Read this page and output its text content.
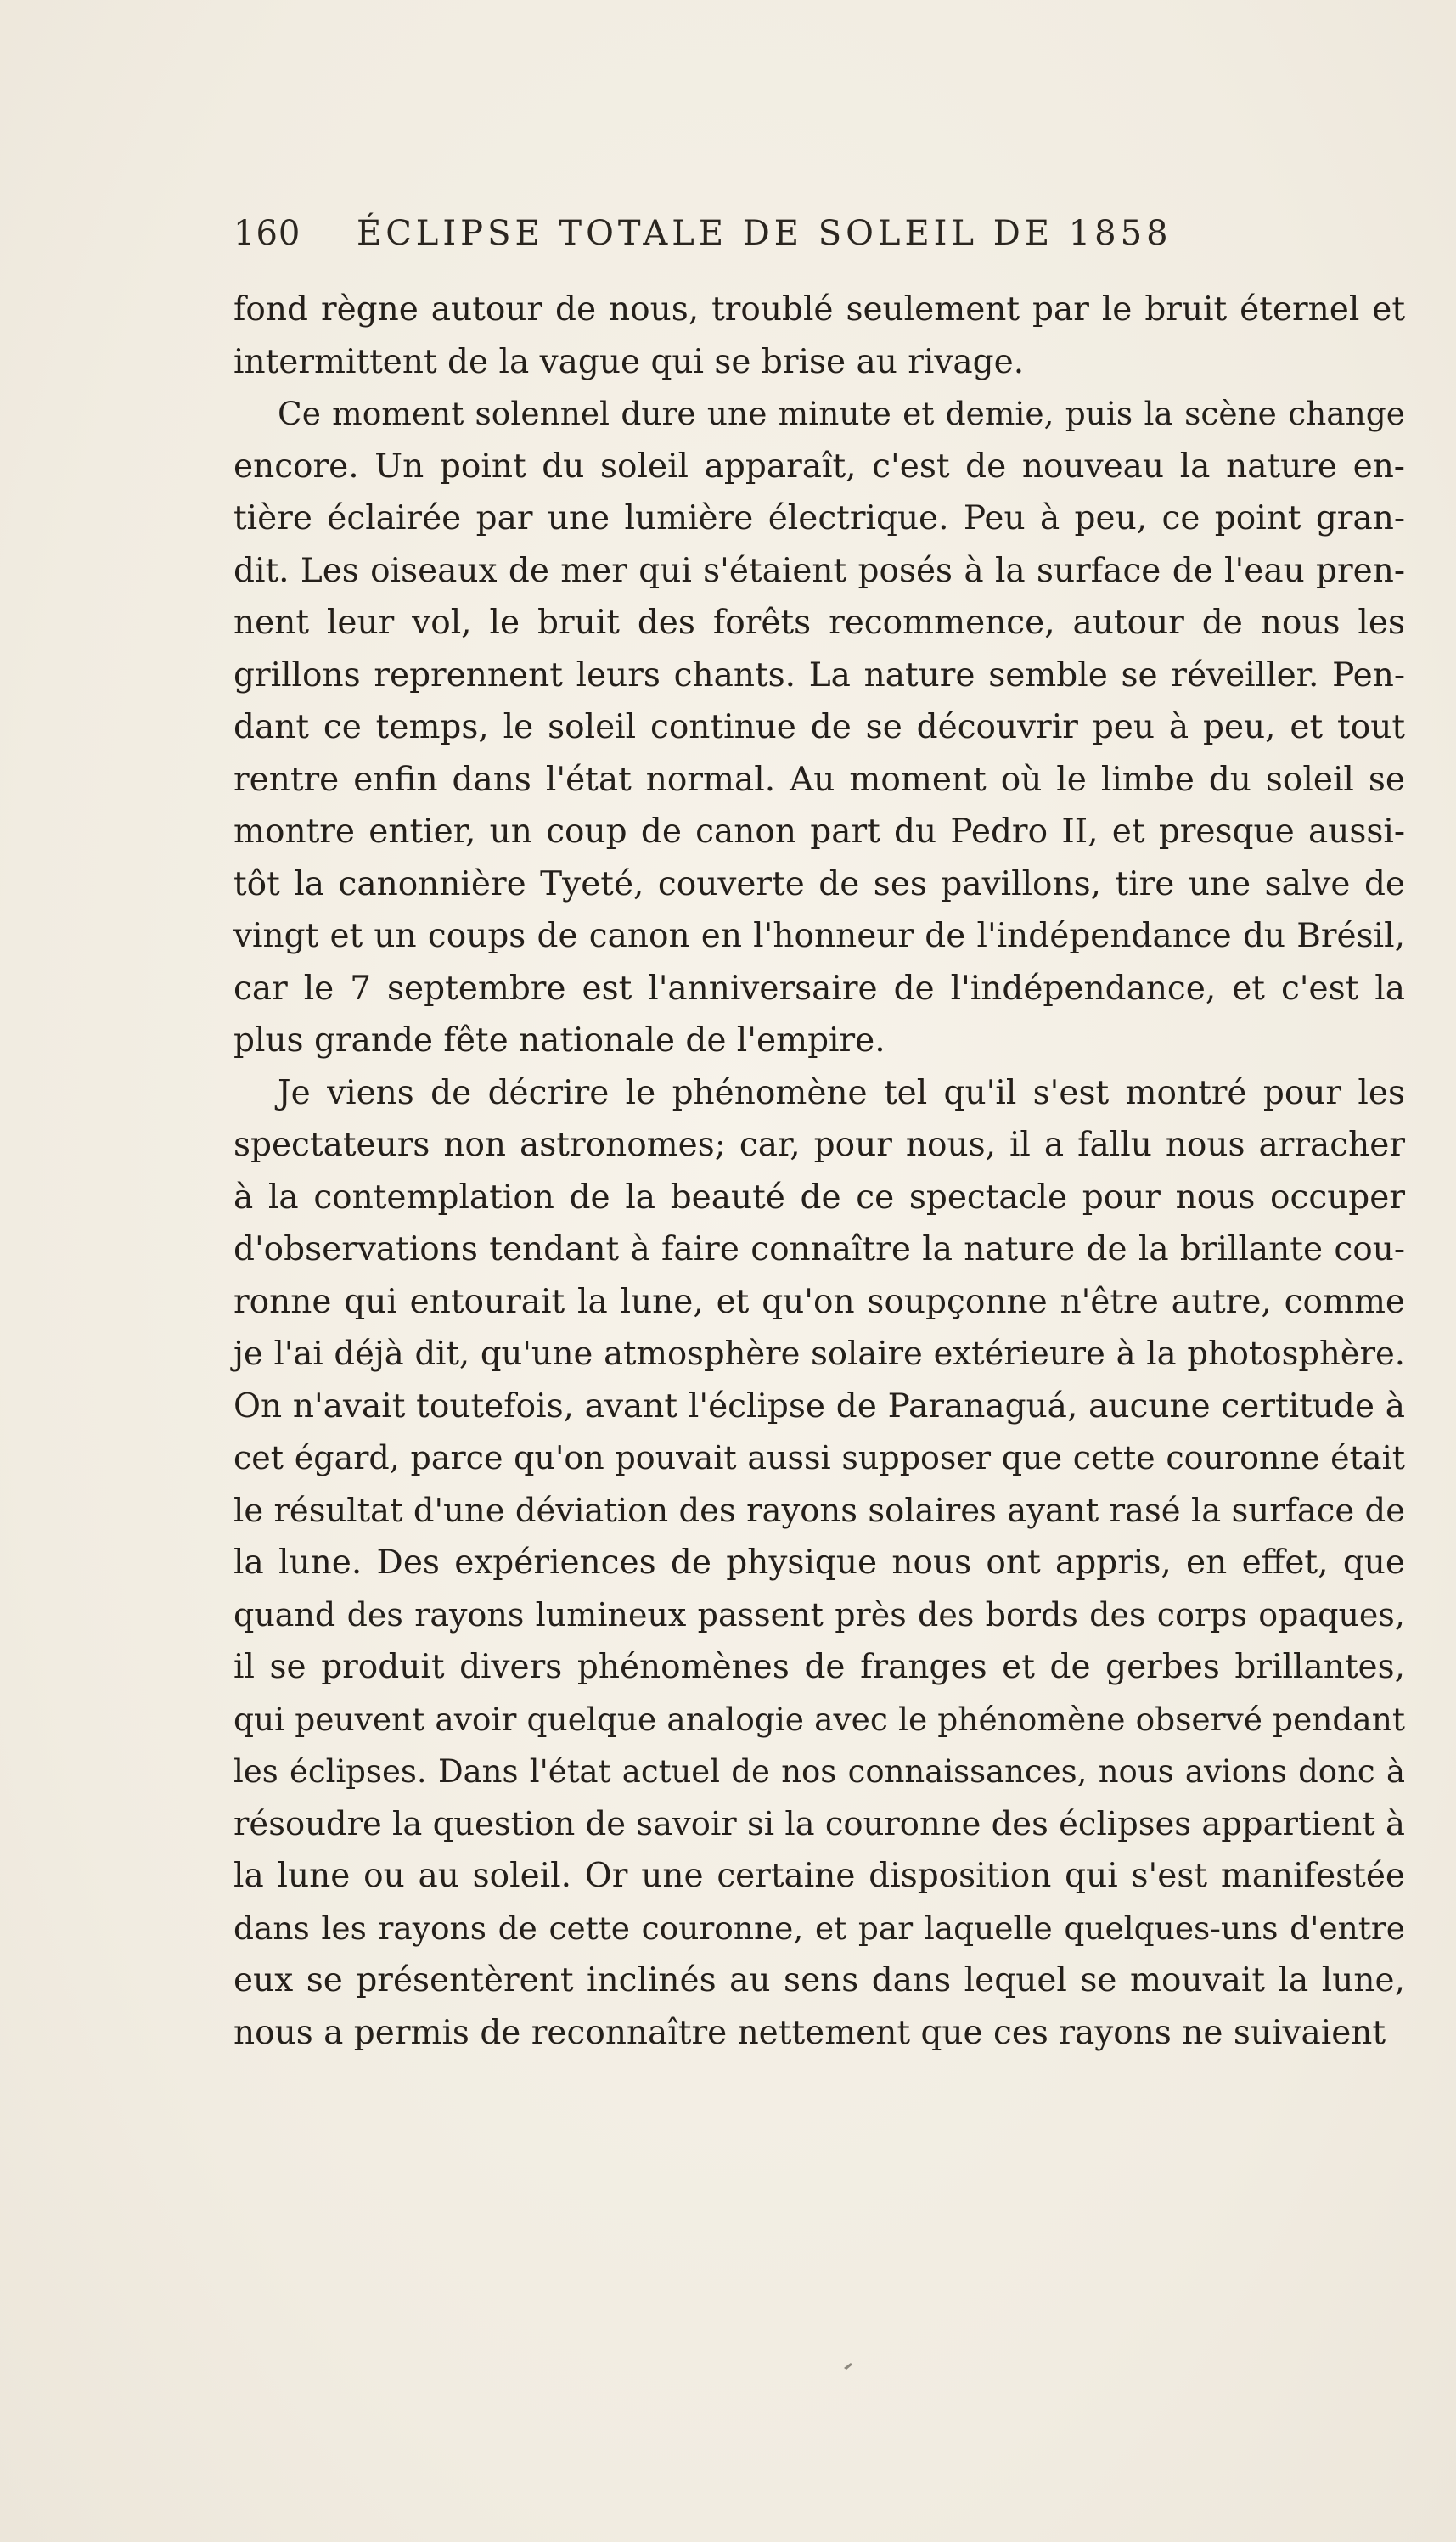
160 ÉCLIPSE TOTALE DE SOLEIL DE 1858
fond règne autour de nous, troublé seulement par le bruit éternel et
intermittent de la vague qui se brise au rivage.
Ce moment solennel dure une minute et demie, puis la scène change
encore. Un point du soleil apparaît, c'est de nouveau la nature en-
tière éclairée par une lumière électrique. Peu à peu, ce point gran-
dit. Les oiseaux de mer qui s'étaient posés à la surface de l'eau pren-
nent leur vol, le bruit des forêts recommence, autour de nous les
grillons reprennent leurs chants. La nature semble se réveiller. Pen-
dant ce temps, le soleil continue de se découvrir peu à peu, et tout
rentre enfin dans l'état normal. Au moment où le limbe du soleil se
montre entier, un coup de canon part du Pedro II, et presque aussi-
tôt la canonnière Tyeté, couverte de ses pavillons, tire une salve de
vingt et un coups de canon en l'honneur de l'indépendance du Brésil,
car le 7 septembre est l'anniversaire de l'indépendance, et c'est la
plus grande fête nationale de l'empire.
Je viens de décrire le phénomène tel qu'il s'est montré pour les
spectateurs non astronomes; car, pour nous, il a fallu nous arracher
à la contemplation de la beauté de ce spectacle pour nous occuper
d'observations tendant à faire connaître la nature de la brillante cou-
ronne qui entourait la lune, et qu'on soupçonne n'être autre, comme
je l'ai déjà dit, qu'une atmosphère solaire extérieure à la photosphère.
On n'avait toutefois, avant l'éclipse de Paranaguá, aucune certitude à
cet égard, parce qu'on pouvait aussi supposer que cette couronne était
le résultat d'une déviation des rayons solaires ayant rasé la surface de
la lune. Des expériences de physique nous ont appris, en effet, que
quand des rayons lumineux passent près des bords des corps opaques,
il se produit divers phénomènes de franges et de gerbes brillantes,
qui peuvent avoir quelque analogie avec le phénomène observé pendant
les éclipses. Dans l'état actuel de nos connaissances, nous avions donc à
résoudre la question de savoir si la couronne des éclipses appartient à
la lune ou au soleil. Or une certaine disposition qui s'est manifestée
dans les rayons de cette couronne, et par laquelle quelques-uns d'entre
eux se présentèrent inclinés au sens dans lequel se mouvait la lune,
nous a permis de reconnaître nettement que ces rayons ne suivaient
